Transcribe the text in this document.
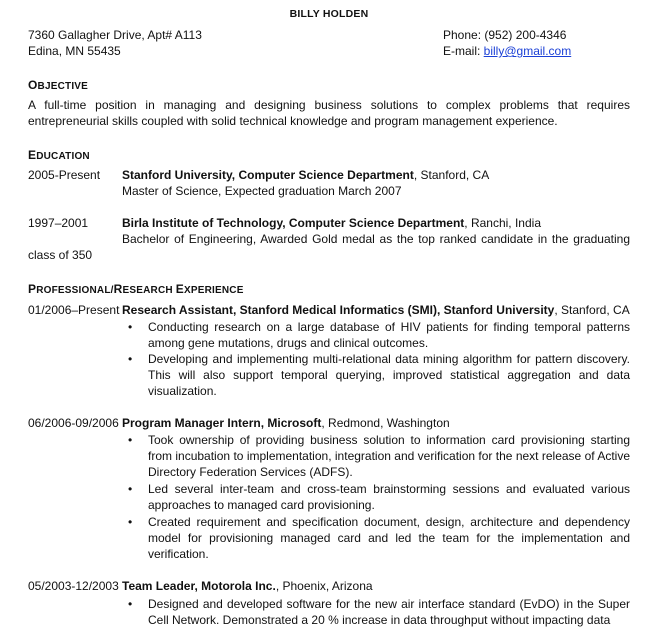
BILLY HOLDEN
7360 Gallagher Drive, Apt# A113
Edina, MN 55435
Phone: (952) 200-4346
E-mail: billy@gmail.com
OBJECTIVE
A full-time position in managing and designing business solutions to complex problems that requires entrepreneurial skills coupled with solid technical knowledge and program management experience.
EDUCATION
2005-Present Stanford University, Computer Science Department, Stanford, CA
Master of Science, Expected graduation March 2007
1997–2001	Birla Institute of Technology, Computer Science Department, Ranchi, India
Bachelor of Engineering, Awarded Gold medal as the top ranked candidate in the graduating
class of 350
PROFESSIONAL/RESEARCH EXPERIENCE
01/2006–Present Research Assistant, Stanford Medical Informatics (SMI), Stanford University, Stanford, CA
•	Conducting research on a large database of HIV patients for finding temporal patterns among gene mutations, drugs and clinical outcomes.
•	Developing and implementing multi-relational data mining algorithm for pattern discovery. This will also support temporal querying, improved statistical aggregation and data visualization.
06/2006-09/2006 Program Manager Intern, Microsoft, Redmond, Washington
•	Took ownership of providing business solution to information card provisioning starting from incubation to implementation, integration and verification for the next release of Active Directory Federation Services (ADFS).
•	Led several inter-team and cross-team brainstorming sessions and evaluated various approaches to managed card provisioning.
•	Created requirement and specification document, design, architecture and dependency model for provisioning managed card and led the team for the implementation and verification.
05/2003-12/2003 Team Leader, Motorola Inc., Phoenix, Arizona
•	Designed and developed software for the new air interface standard (EvDO) in the Super Cell Network. Demonstrated a 20 % increase in data throughput without impacting data
